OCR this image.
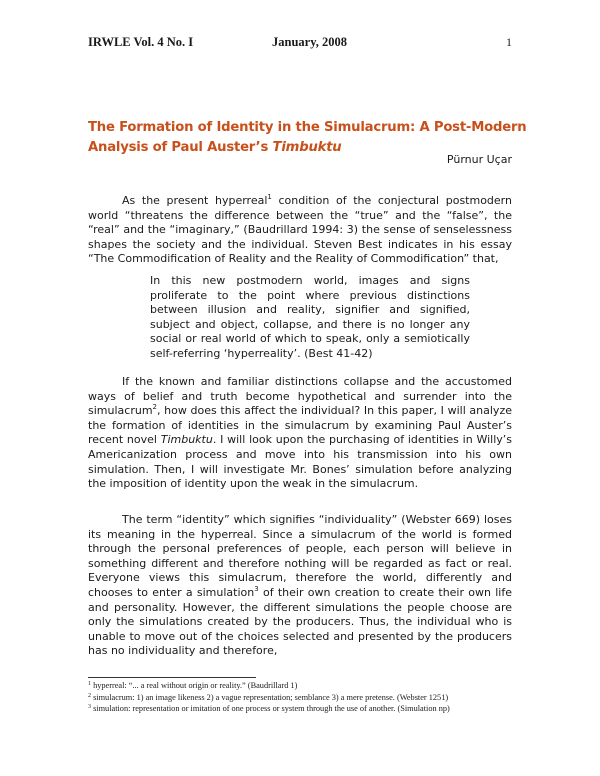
IRWLE Vol. 4 No. I	January, 2008	1
The Formation of Identity in the Simulacrum: A Post-Modern Analysis of Paul Auster’s Timbuktu
Pürnur Uçar

As the present hyperreal$^1$ condition of the conjectural postmodern world “threatens the difference between the “true” and the “false”, the “real” and the “imaginary,” (Baudrillard 1994: 3) the sense of senselessness shapes the society and the individual. Steven Best indicates in his essay “The Commodification of Reality and the Reality of Commodification” that,

In this new postmodern world, images and signs proliferate to the point where previous distinctions between illusion and reality, signifier and signified, subject and object, collapse, and there is no longer any social or real world of which to speak, only a semiotically self-referring ‘hyperreality’. (Best 41-42)

If the known and familiar distinctions collapse and the accustomed ways of belief and truth become hypothetical and surrender into the simulacrum$^2$, how does this affect the individual? In this paper, I will analyze the formation of identities in the simulacrum by examining Paul Auster’s recent novel Timbuktu. I will look upon the purchasing of identities in Willy’s Americanization process and move into his transmission into his own simulation. Then, I will investigate Mr. Bones’ simulation before analyzing the imposition of identity upon the weak in the simulacrum.

The term “identity” which signifies “individuality” (Webster 669) loses its meaning in the hyperreal. Since a simulacrum of the world is formed through the personal preferences of people, each person will believe in something different and therefore nothing will be regarded as fact or real. Everyone views this simulacrum, therefore the world, differently and chooses to enter a simulation$^3$ of their own creation to create their own life and personality. However, the different simulations the people choose are only the simulations created by the producers. Thus, the individual who is unable to move out of the choices selected and presented by the producers has no individuality and therefore,

$^1$ hyperreal: “... a real without origin or reality.” (Baudrillard 1)

$^2$ simulacrum: 1) an image likeness 2) a vague representation; semblance 3) a mere pretense. (Webster 1251)

$^3$ simulation: representation or imitation of one process or system through the use of another. (Simulation np)
